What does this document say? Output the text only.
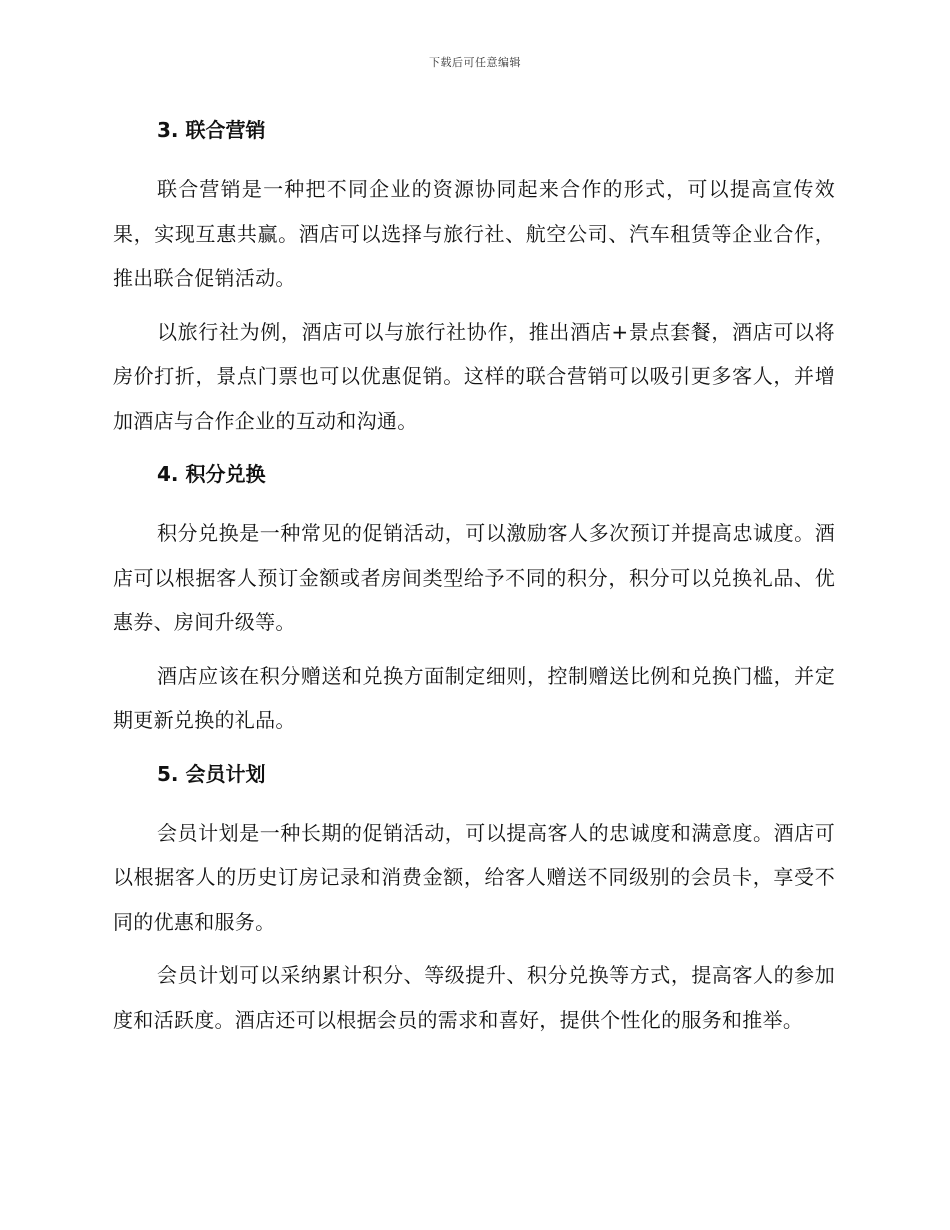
下载后可任意编辑
3. 联合营销

联合营销是一种把不同企业的资源协同起来合作的形式，可以提高宣传效果，实现互惠共赢。酒店可以选择与旅行社、航空公司、汽车租赁等企业合作，推出联合促销活动。

以旅行社为例，酒店可以与旅行社协作，推出酒店+景点套餐，酒店可以将房价打折，景点门票也可以优惠促销。这样的联合营销可以吸引更多客人，并增加酒店与合作企业的互动和沟通。

4. 积分兑换

积分兑换是一种常见的促销活动，可以激励客人多次预订并提高忠诚度。酒店可以根据客人预订金额或者房间类型给予不同的积分，积分可以兑换礼品、优惠券、房间升级等。

酒店应该在积分赠送和兑换方面制定细则，控制赠送比例和兑换门槛，并定期更新兑换的礼品。

5. 会员计划

会员计划是一种长期的促销活动，可以提高客人的忠诚度和满意度。酒店可以根据客人的历史订房记录和消费金额，给客人赠送不同级别的会员卡，享受不同的优惠和服务。

会员计划可以采纳累计积分、等级提升、积分兑换等方式，提高客人的参加度和活跃度。酒店还可以根据会员的需求和喜好，提供个性化的服务和推举。
